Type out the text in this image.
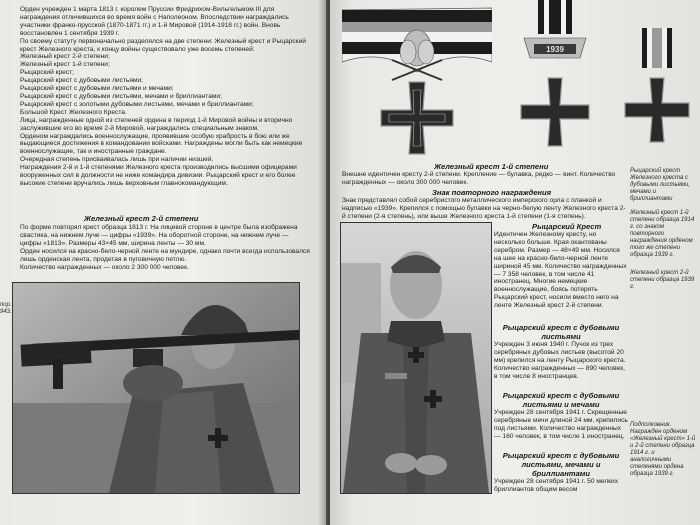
Орден учрежден 1 марта 1813 г. королем Пруссии Фридрихом-Вильгельмом III для награждения отличившихся во время войн с Наполеоном. Впоследствии награждались участники франко-прусской (1870-1871 гг.) и 1-й Мировой (1914-1918 гг.) войн. Вновь восстановлен 1 сентября 1939 г.

По своему статуту первоначально разделялся на две степени: Железный крест и Рыцарский крест Железного креста, к концу войны существовало уже восемь степеней:

Железный крест 2-й степени;

Железный крест 1-й степени;

Рыцарский крест;

Рыцарский крест с дубовыми листьями;

Рыцарский крест с дубовыми листьями и мечами;

Рыцарский крест с дубовыми листьями, мечами и бриллиантами;

Рыцарский крест с золотыми дубовыми листьями, мечами и бриллиантами;

Большой Крест Железного Креста.

Лица, награжденные одной из степеней ордена в период 1-й Мировой войны и вторично заслужившие его во время 2-й Мировой, награждались специальным знаком.

Орденом награждались военнослужащие, проявившие особую храбрость в бою или же выдающиеся достижения в командовании войсками. Награждены могли быть как немецкие военнослужащие, так и иностранные граждане.

Очередная степень присваивалась лишь при наличии низшей.

Награждения 2-й и 1-й степенями Железного креста производились высшими офицерами вооруженных сил в должности не ниже командира дивизии. Рыцарский крест и его более высокие степени вручались лишь верховным главнокомандующим.

Железный крест 2-й степени

По форме повторял крест образца 1813 г. На лицевой стороне в центре была изображена свастика, на нижнем луче — цифры «1939». На оборотной стороне, на нижнем луче — цифры «1813». Размеры 43×45 мм, ширина ленты — 30 мм.

Орден носился на красно-бело-черной ленте на мундире, однако почти всегда использовался лишь орденская лента, продетая в пуговичную петлю.

Количество награжденных — около 2 300 000 человек.

пор. 943.
1939
Рыцарский крест Железного креста с дубовыми листьями, мечами и бриллиантами
Железный крест 1-й степени образца 1914 г. со знаком повторного награждения орденом того же степени образца 1939 г.
Железный крест 2-й степени образца 1939 г.
Подполковник. Награжден орденом «Железный крест» 1-й и 2-й степени образца 1914 г. и аналогичными степенями ордена образца 1939 г.
Железный крест 1-й степени
Внешне идентичен кресту 2-й степени. Крепление — булавка, редко — винт. Количество награжденных — около 300 000 человек.
Знак повторного награждения
Знак представлял собой серебристого металлического имперского орла с планкой и надписью «1939». Крепился с помощью булавки на черно-белую ленту Железного креста 2-й степени (2-я степень), или выше Железного креста 1-й степени (1-я степень).
Рыцарский Крест
Идентичен Железному кресту, но несколько больше. Края окантованы серебром. Размер — 48×49 мм. Носился на шее на красно-бело-черной ленте шириной 45 мм. Количество награжденных — 7 358 человек, в том числе 41 иностранец. Многие немецкие военнослужащие, боясь потерять Рыцарский крест, носили вместо него на ленте Железный крест 2-й степени.
Рыцарский крест с дубовыми листьями
Учрежден 3 июня 1940 г. Пучок из трех серебряных дубовых листьев (высотой 20 мм) крепился на ленту Рыцарского креста. Количество награжденных — 890 человек, в том числе 8 иностранцев.
Рыцарский крест с дубовыми листьями и мечами
Учрежден 28 сентября 1941 г. Скрещенные серебряные мечи длиной 24 мм, крепились под листьями. Количество награжденных — 160 человек, в том числе 1 иностранец.
Рыцарский крест с дубовыми листьями, мечами и бриллиантами
Учрежден 28 сентября 1941 г. 50 мелких бриллиантов общим весом
